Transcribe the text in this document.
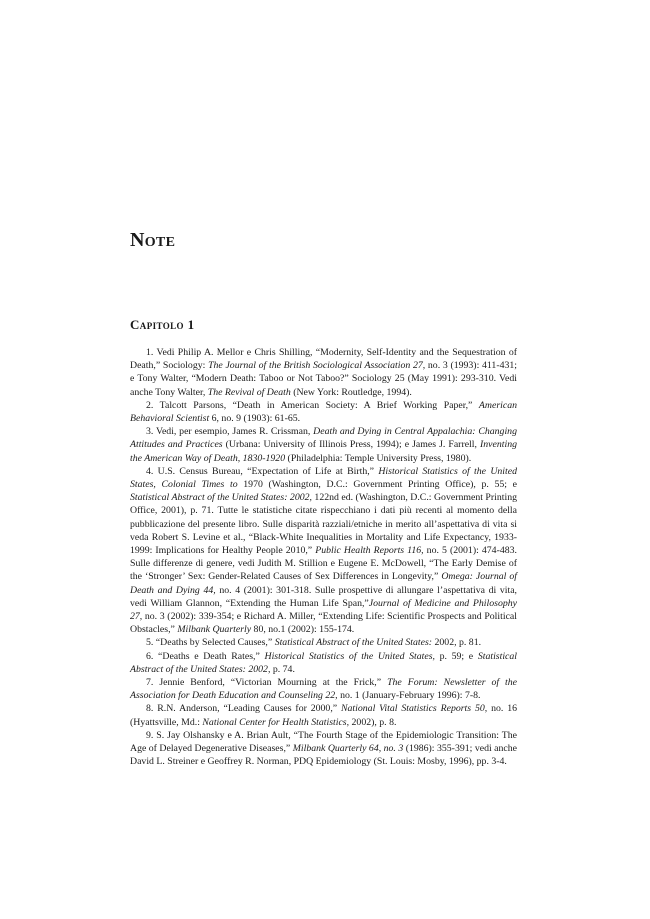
Note
Capitolo 1
1. Vedi Philip A. Mellor e Chris Shilling, “Modernity, Self-Identity and the Sequestration of Death,” Sociology: The Journal of the British Sociological Association 27, no. 3 (1993): 411-431; e Tony Walter, “Modern Death: Taboo or Not Taboo?” Sociology 25 (May 1991): 293-310. Vedi anche Tony Walter, The Revival of Death (New York: Routledge, 1994).
2. Talcott Parsons, “Death in American Society: A Brief Working Paper,” American Behavioral Scientist 6, no. 9 (1903): 61-65.
3. Vedi, per esempio, James R. Crissman, Death and Dying in Central Appalachia: Changing Attitudes and Practices (Urbana: University of Illinois Press, 1994); e James J. Farrell, Inventing the American Way of Death, 1830-1920 (Philadelphia: Temple University Press, 1980).
4. U.S. Census Bureau, “Expectation of Life at Birth,” Historical Statistics of the United States, Colonial Times to 1970 (Washington, D.C.: Government Printing Office), p. 55; e Statistical Abstract of the United States: 2002, 122nd ed. (Washington, D.C.: Government Printing Office, 2001), p. 71. Tutte le statistiche citate rispecchiano i dati più recenti al momento della pubblicazione del presente libro. Sulle disparità razziali/etniche in merito all’aspettativa di vita si veda Robert S. Levine et al., “Black-White Inequalities in Mortality and Life Expectancy, 1933-1999: Implications for Healthy People 2010,” Public Health Reports 116, no. 5 (2001): 474-483. Sulle differenze di genere, vedi Judith M. Stillion e Eugene E. McDowell, “The Early Demise of the ‘Stronger’ Sex: Gender-Related Causes of Sex Differences in Longevity,” Omega: Journal of Death and Dying 44, no. 4 (2001): 301-318. Sulle prospettive di allungare l’aspettativa di vita, vedi William Glannon, “Extending the Human Life Span,”Journal of Medicine and Philosophy 27, no. 3 (2002): 339-354; e Richard A. Miller, “Extending Life: Scientific Prospects and Political Obstacles,” Milbank Quarterly 80, no.1 (2002): 155-174.
5. “Deaths by Selected Causes,” Statistical Abstract of the United States: 2002, p. 81.
6. “Deaths e Death Rates,” Historical Statistics of the United States, p. 59; e Statistical Abstract of the United States: 2002, p. 74.
7. Jennie Benford, “Victorian Mourning at the Frick,” The Forum: Newsletter of the Association for Death Education and Counseling 22, no. 1 (January-February 1996): 7-8.
8. R.N. Anderson, “Leading Causes for 2000,” National Vital Statistics Reports 50, no. 16 (Hyattsville, Md.: National Center for Health Statistics, 2002), p. 8.
9. S. Jay Olshansky e A. Brian Ault, “The Fourth Stage of the Epidemiologic Transition: The Age of Delayed Degenerative Diseases,” Milbank Quarterly 64, no. 3 (1986): 355-391; vedi anche David L. Streiner e Geoffrey R. Norman, PDQ Epidemiology (St. Louis: Mosby, 1996), pp. 3-4.
